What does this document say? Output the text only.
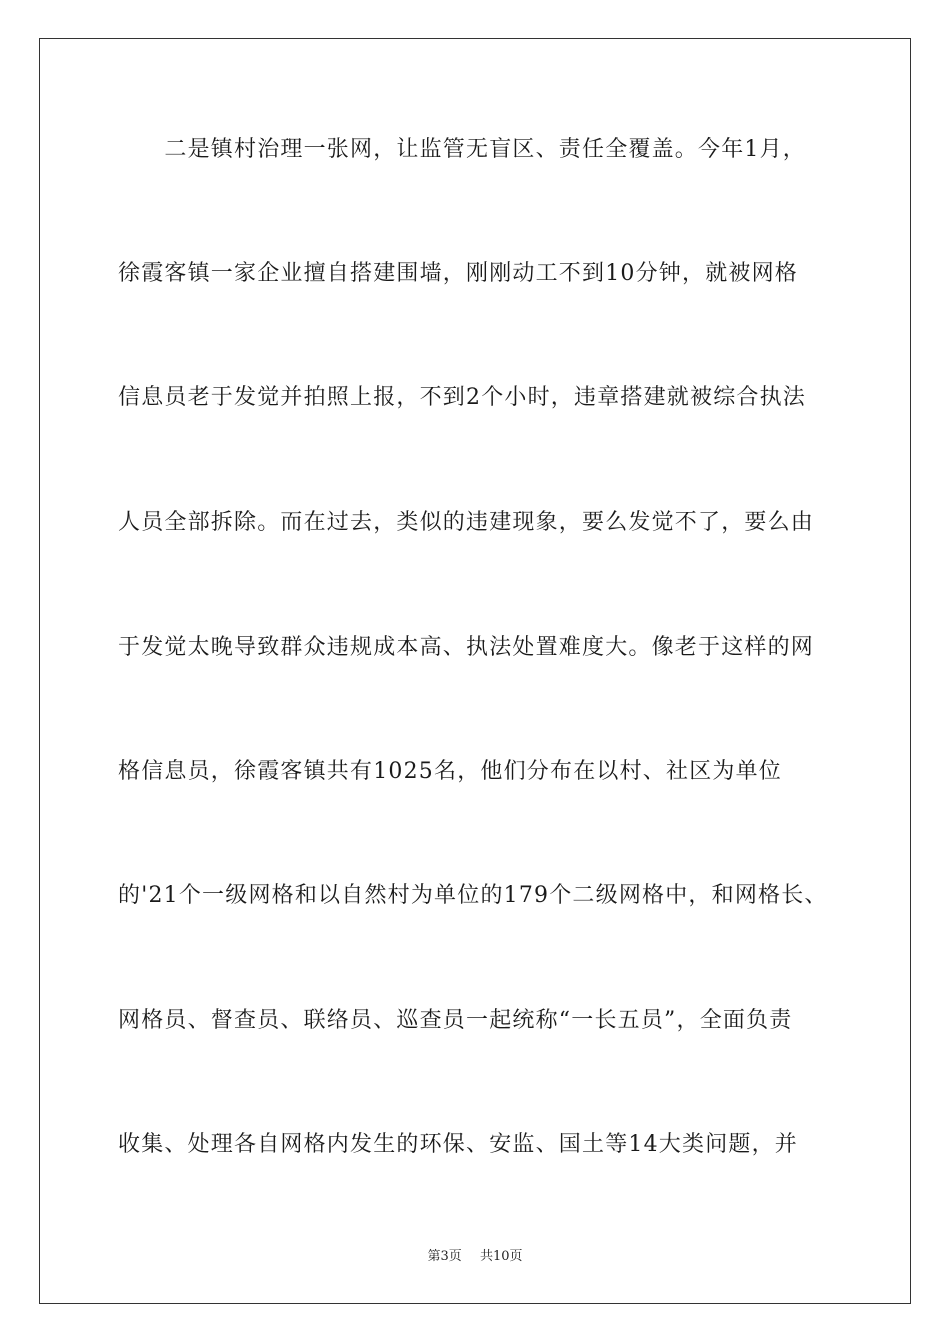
　　二是镇村治理一张网，让监管无盲区、责任全覆盖。今年1月，
徐霞客镇一家企业擅自搭建围墙，刚刚动工不到10分钟，就被网格
信息员老于发觉并拍照上报，不到2个小时，违章搭建就被综合执法
人员全部拆除。而在过去，类似的违建现象，要么发觉不了，要么由
于发觉太晚导致群众违规成本高、执法处置难度大。像老于这样的网
格信息员，徐霞客镇共有1025名，他们分布在以村、社区为单位
的'21个一级网格和以自然村为单位的179个二级网格中，和网格长、
网格员、督查员、联络员、巡查员一起统称“一长五员”，全面负责
收集、处理各自网格内发生的环保、安监、国土等14大类问题，并
第3页 共10页
